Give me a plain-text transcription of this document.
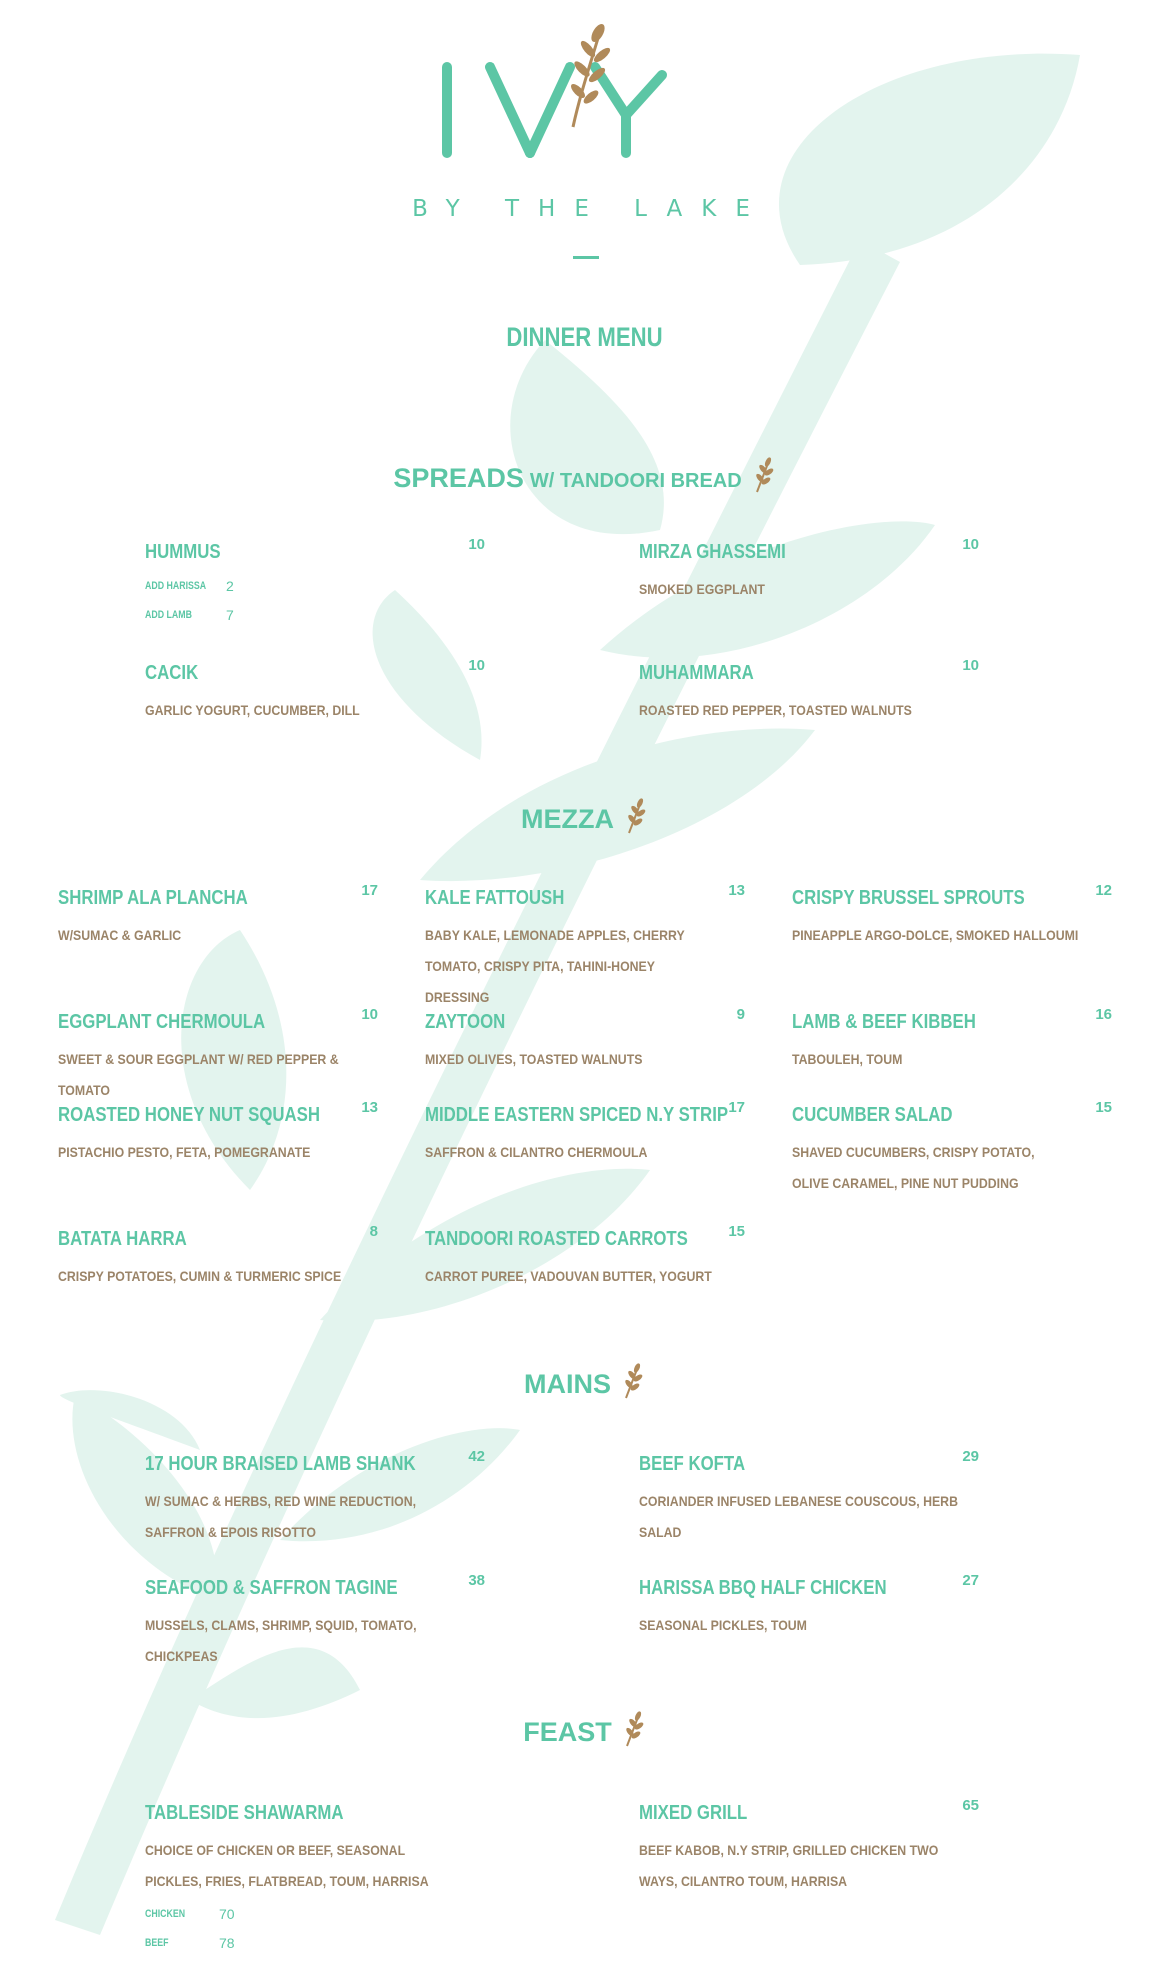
BY THE LAKE
DINNER MENU
SPREADS W/ TANDOORI BREAD
HUMMUS	10
ADD HARISSA 2
ADD LAMB 7
MIRZA GHASSEMI	10
SMOKED EGGPLANT
CACIK	10
GARLIC YOGURT, CUCUMBER, DILL
MUHAMMARA	10
ROASTED RED PEPPER, TOASTED WALNUTS
MEZZA
SHRIMP ALA PLANCHA	17
W/SUMAC & GARLIC
KALE FATTOUSH	13
BABY KALE, LEMONADE APPLES, CHERRY TOMATO, CRISPY PITA, TAHINI-HONEY DRESSING
CRISPY BRUSSEL SPROUTS	12
PINEAPPLE ARGO-DOLCE, SMOKED HALLOUMI
EGGPLANT CHERMOULA	10
SWEET & SOUR EGGPLANT W/ RED PEPPER & TOMATO
ZAYTOON	9
MIXED OLIVES, TOASTED WALNUTS
LAMB & BEEF KIBBEH	16
TABOULEH, TOUM
ROASTED HONEY NUT SQUASH	13
PISTACHIO PESTO, FETA, POMEGRANATE
MIDDLE EASTERN SPICED N.Y STRIP 17
SAFFRON & CILANTRO CHERMOULA
CUCUMBER SALAD	15
SHAVED CUCUMBERS, CRISPY POTATO, OLIVE CARAMEL, PINE NUT PUDDING
BATATA HARRA	8
CRISPY POTATOES, CUMIN & TURMERIC SPICE
TANDOORI ROASTED CARROTS	15
CARROT PUREE, VADOUVAN BUTTER, YOGURT
MAINS
17 HOUR BRAISED LAMB SHANK	42
W/ SUMAC & HERBS, RED WINE REDUCTION, SAFFRON & EPOIS RISOTTO
BEEF KOFTA	29
CORIANDER INFUSED LEBANESE COUSCOUS, HERB SALAD
SEAFOOD & SAFFRON TAGINE	38
MUSSELS, CLAMS, SHRIMP, SQUID, TOMATO, CHICKPEAS
HARISSA BBQ HALF CHICKEN	27
SEASONAL PICKLES, TOUM
FEAST
TABLESIDE SHAWARMA
CHOICE OF CHICKEN OR BEEF, SEASONAL PICKLES, FRIES, FLATBREAD, TOUM, HARRISA
CHICKEN 70
BEEF	78
MIXED GRILL	65
BEEF KABOB, N.Y STRIP, GRILLED CHICKEN TWO WAYS, CILANTRO TOUM, HARRISA
